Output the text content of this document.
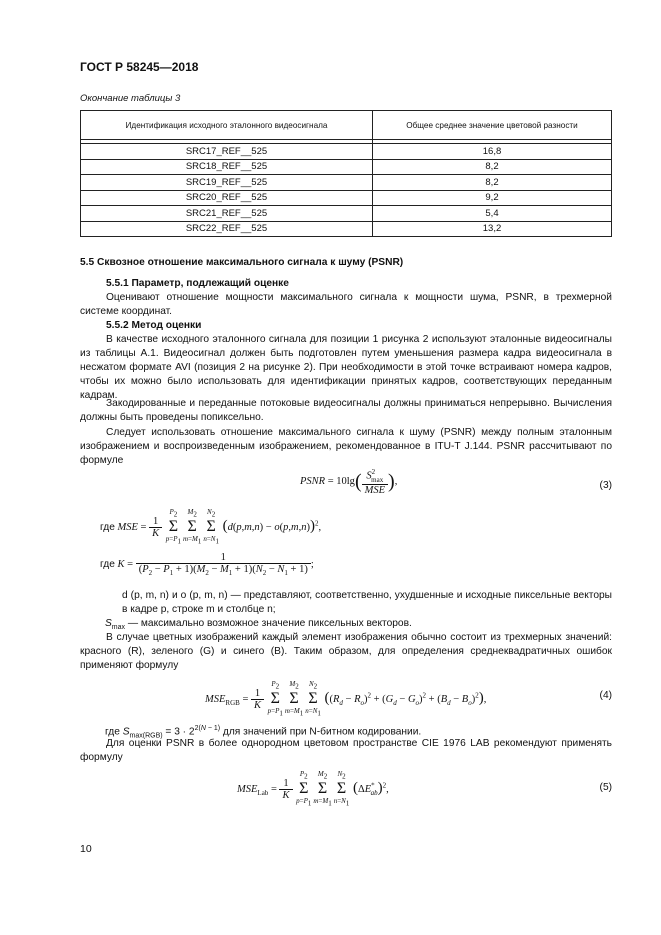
ГОСТ Р 58245—2018
Окончание таблицы 3
Идентификация исходного эталонного видеосигнала	Общее среднее значение цветовой разности

SRC17_REF__525	16,8
SRC18_REF__525	8,2
SRC19_REF__525	8,2
SRC20_REF__525	9,2
SRC21_REF__525	5,4
SRC22_REF__525	13,2
5.5 Сквозное отношение максимального сигнала к шуму (PSNR)
5.5.1 Параметр, подлежащий оценке
Оценивают отношение мощности максимального сигнала к мощности шума, PSNR, в трехмерной системе координат.
5.5.2 Метод оценки
В качестве исходного эталонного сигнала для позиции 1 рисунка 2 используют эталонные видеосигналы из таблицы А.1. Видеосигнал должен быть подготовлен путем уменьшения размера кадра видеосигнала в несжатом формате AVI (позиция 2 на рисунке 2). При необходимости в этой точке встраивают номера кадров, чтобы их можно было использовать для идентификации принятых кадров, соответствующих переданным кадрам.
Закодированные и переданные потоковые видеосигналы должны приниматься непрерывно. Вычисления должны быть проведены попиксельно.
Следует использовать отношение максимального сигнала к шуму (PSNR) между полным эталонным изображением и воспроизведенным изображением, рекомендованное в ITU-T J.144. PSNR рассчитывают по формуле
PSNR = $10\lg( \frac{S^2_{max}}{\text{MSE}}$ ),	(3)
где MSE = $\frac{1}{K}$
$P_2$
Σ
$p=P_1M_2$
Σ
$m=M_1N_2$
Σ
$n=N_1$ $(d(p,m,n) - o(p,m,n))^2$,
где $K = \frac{1}{(P_2 - P_1 + 1)(M_2 - M_1 + 1)(N_2 - N_1 + 1)}$ ;
d (p, m, n) и o (p, m, n) — представляют, соответственно, ухудшенные и исходные пиксельные векторы в кадре p, строке m и столбце n;
$S_{max}$ — максимально возможное значение пиксельных векторов.
В случае цветных изображений каждый элемент изображения обычно состоит из трехмерных значений: красного (R), зеленого (G) и синего (B). Таким образом, для определения среднеквадратичных ошибок применяют формулу
$MSE_{RGB} = \frac{1}{K}$
$P_2$
Σ
$p=P_1M_2$
Σ
$m=M_1N_2$
Σ
$n=N_1$ $((R_d - R_o)^2 + (G_d - G_o)^2 + (B_d - B_o)^2)$,	(4)
где $S_{max(RGB)} = 3 \cdot 2^{2(N - 1)}$ для значений при N-битном кодировании.
Для оценки PSNR в более однородном цветовом пространстве CIE 1976 LAB рекомендуют применять формулу
$MSE_{Lab} = \frac{1}{K}$
$P_2$
Σ
$p=P_1M_2$
Σ
$m=M_1N_2$
Σ
$n=N_1$ $(\Delta E^*_{ab})^2$,	(5)
10
